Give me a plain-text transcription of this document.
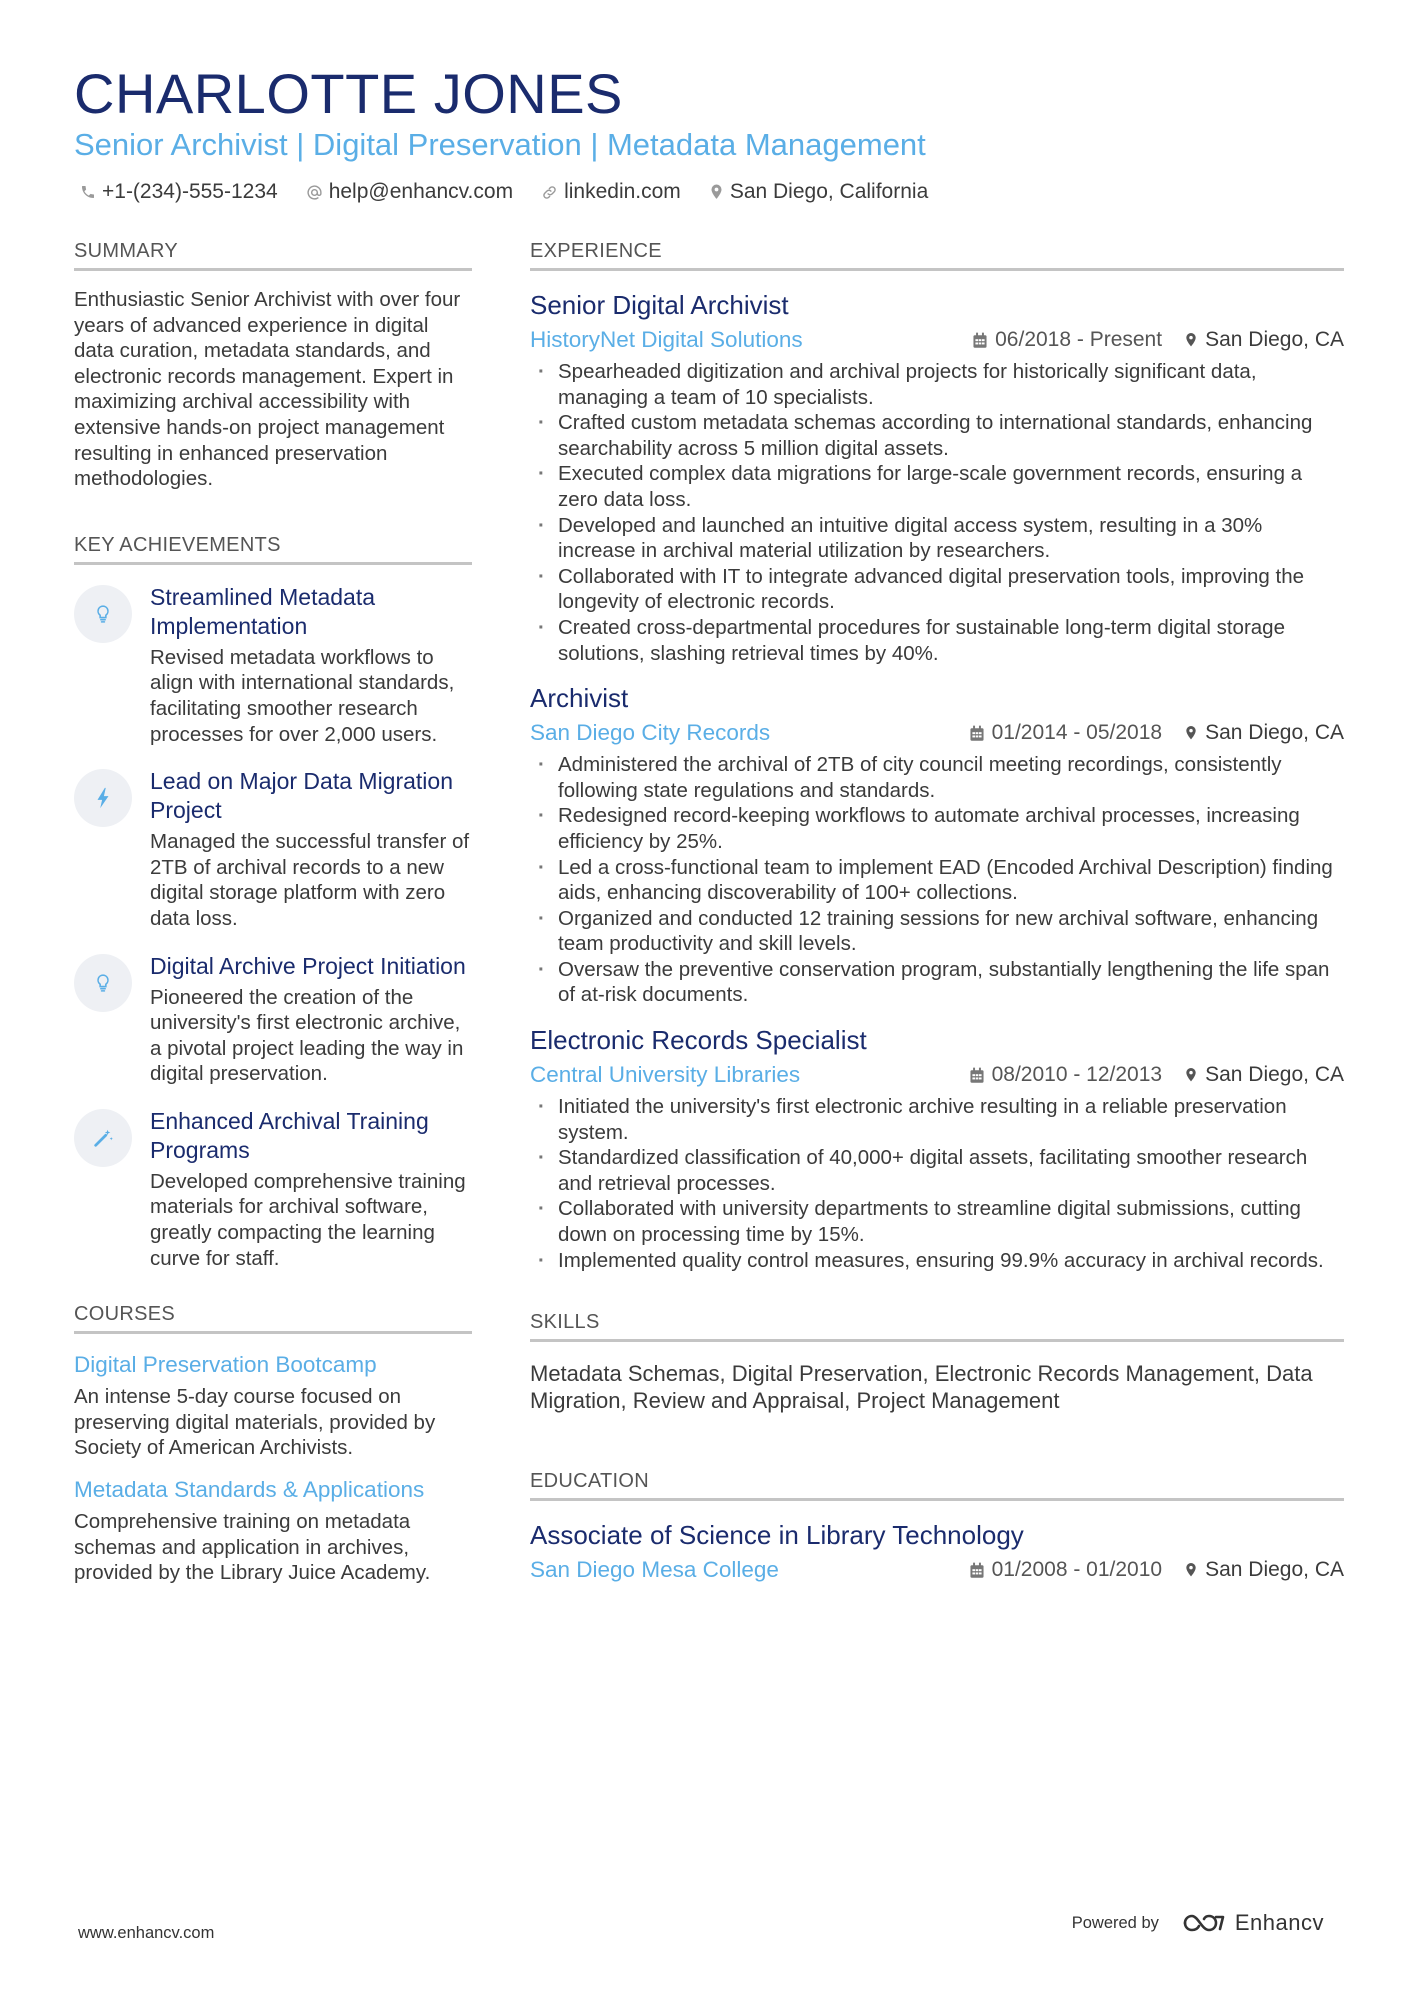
CHARLOTTE JONES
Senior Archivist | Digital Preservation | Metadata Management
+1-(234)-555-1234 help@enhancv.com linkedin.com San Diego, California
SUMMARY
Enthusiastic Senior Archivist with over four years of advanced experience in digital data curation, metadata standards, and electronic records management. Expert in maximizing archival accessibility with extensive hands-on project management resulting in enhanced preservation methodologies.
KEY ACHIEVEMENTS
Streamlined Metadata Implementation
Revised metadata workflows to align with international standards, facilitating smoother research processes for over 2,000 users.
Lead on Major Data Migration Project
Managed the successful transfer of 2TB of archival records to a new digital storage platform with zero data loss.
Digital Archive Project Initiation
Pioneered the creation of the university's first electronic archive, a pivotal project leading the way in digital preservation.
Enhanced Archival Training Programs
Developed comprehensive training materials for archival software, greatly compacting the learning curve for staff.
COURSES
Digital Preservation Bootcamp
An intense 5-day course focused on preserving digital materials, provided by Society of American Archivists.
Metadata Standards & Applications
Comprehensive training on metadata schemas and application in archives, provided by the Library Juice Academy.
EXPERIENCE
Senior Digital Archivist
HistoryNet Digital Solutions	06/2018 - Present San Diego, CA
· Spearheaded digitization and archival projects for historically significant data, managing a team of 10 specialists.
· Crafted custom metadata schemas according to international standards, enhancing searchability across 5 million digital assets.
· Executed complex data migrations for large-scale government records, ensuring a zero data loss.
· Developed and launched an intuitive digital access system, resulting in a 30% increase in archival material utilization by researchers.
· Collaborated with IT to integrate advanced digital preservation tools, improving the longevity of electronic records.
· Created cross-departmental procedures for sustainable long-term digital storage solutions, slashing retrieval times by 40%.
Archivist
San Diego City Records	01/2014 - 05/2018 San Diego, CA
· Administered the archival of 2TB of city council meeting recordings, consistently following state regulations and standards.
· Redesigned record-keeping workflows to automate archival processes, increasing efficiency by 25%.
· Led a cross-functional team to implement EAD (Encoded Archival Description) finding aids, enhancing discoverability of 100+ collections.
· Organized and conducted 12 training sessions for new archival software, enhancing team productivity and skill levels.
· Oversaw the preventive conservation program, substantially lengthening the life span of at-risk documents.
Electronic Records Specialist
Central University Libraries	08/2010 - 12/2013 San Diego, CA
· Initiated the university's first electronic archive resulting in a reliable preservation system.
· Standardized classification of 40,000+ digital assets, facilitating smoother research and retrieval processes.
· Collaborated with university departments to streamline digital submissions, cutting down on processing time by 15%.
· Implemented quality control measures, ensuring 99.9% accuracy in archival records.
SKILLS
Metadata Schemas, Digital Preservation, Electronic Records Management, Data Migration, Review and Appraisal, Project Management
EDUCATION
Associate of Science in Library Technology
San Diego Mesa College	01/2008 - 01/2010 San Diego, CA
www.enhancv.com
Powered by	Enhancv
